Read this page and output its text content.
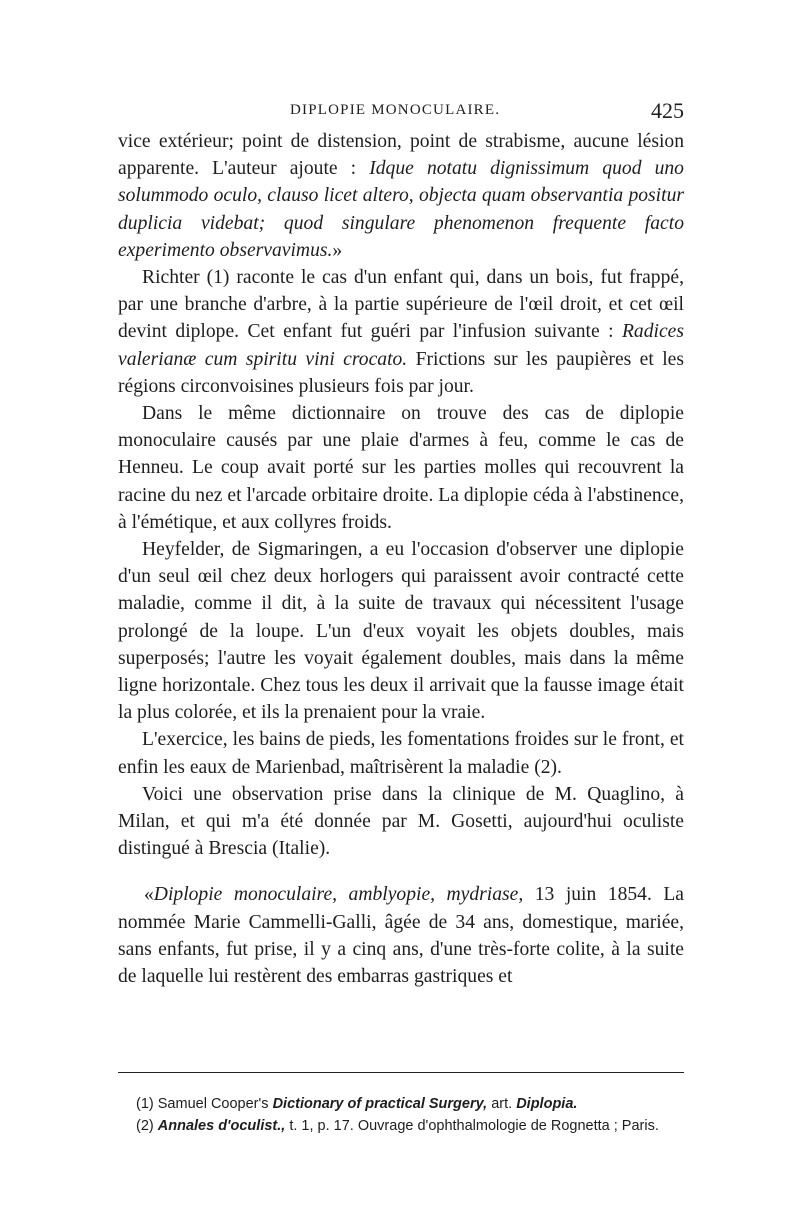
DIPLOPIE MONOCULAIRE.	425

vice extérieur; point de distension, point de strabisme, aucune lésion apparente. L'auteur ajoute : Idque notatu dignissimum quod uno solummodo oculo, clauso licet altero, objecta quam observantia positur duplicia videbat; quod singulare phenomenon frequente facto experimento observavimus.»

Richter (1) raconte le cas d'un enfant qui, dans un bois, fut frappé, par une branche d'arbre, à la partie supérieure de l'œil droit, et cet œil devint diplope. Cet enfant fut guéri par l'infusion suivante : Radices valerianæ cum spiritu vini crocato. Frictions sur les paupières et les régions circonvoisines plusieurs fois par jour.

Dans le même dictionnaire on trouve des cas de diplopie monoculaire causés par une plaie d'armes à feu, comme le cas de Henneu. Le coup avait porté sur les parties molles qui recouvrent la racine du nez et l'arcade orbitaire droite. La diplopie céda à l'abstinence, à l'émétique, et aux collyres froids.

Heyfelder, de Sigmaringen, a eu l'occasion d'observer une diplopie d'un seul œil chez deux horlogers qui paraissent avoir contracté cette maladie, comme il dit, à la suite de travaux qui nécessitent l'usage prolongé de la loupe. L'un d'eux voyait les objets doubles, mais superposés; l'autre les voyait également doubles, mais dans la même ligne horizontale. Chez tous les deux il arrivait que la fausse image était la plus colorée, et ils la prenaient pour la vraie.

L'exercice, les bains de pieds, les fomentations froides sur le front, et enfin les eaux de Marienbad, maîtrisèrent la maladie (2).

Voici une observation prise dans la clinique de M. Quaglino, à Milan, et qui m'a été donnée par M. Gosetti, aujourd'hui oculiste distingué à Brescia (Italie).

«Diplopie monoculaire, amblyopie, mydriase, 13 juin 1854. La nommée Marie Cammelli-Galli, âgée de 34 ans, domestique, mariée, sans enfants, fut prise, il y a cinq ans, d'une très-forte colite, à la suite de laquelle lui restèrent des embarras gastriques et

(1) Samuel Cooper's Dictionary of practical Surgery, art. Diplopia.

(2) Annales d'oculist., t. 1, p. 17. Ouvrage d'ophthalmologie de Rognetta ; Paris.
